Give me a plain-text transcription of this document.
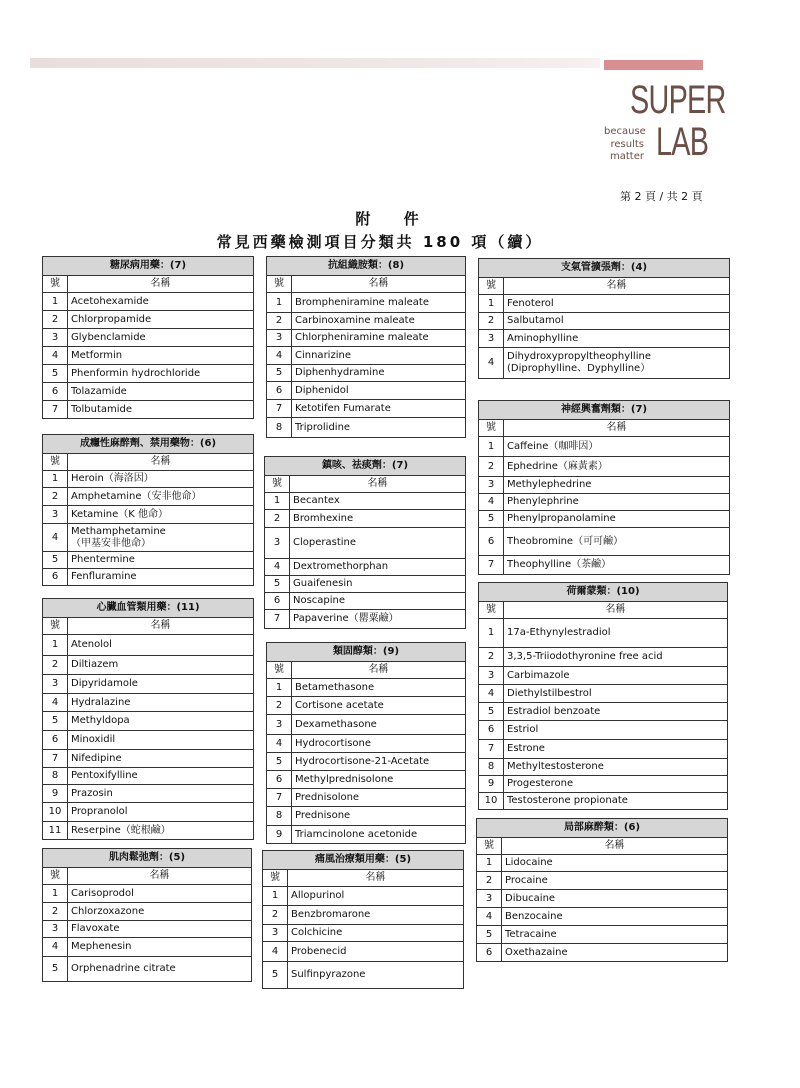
SUPER
LAB
because
results
matter
第 2 頁 / 共 2 頁
附 件
常見西藥檢測項目分類共 180 項（續）
糖尿病用藥：(7)	
號	名稱
1	Acetohexamide
2	Chlorpropamide
3	Glybenclamide
4	Metformin
5	Phenformin hydrochloride
6	Tolazamide
7	Tolbutamide
成癮性麻醉劑、禁用藥物：(6)	
號	名稱
1	Heroin（海洛因）
2	Amphetamine（安非他命）
3	Ketamine（K 他命）
4	Methamphetamine
（甲基安非他命）
5	Phentermine
6	Fenfluramine
心臟血管類用藥：(11)	
號	名稱
1	Atenolol
2	Diltiazem
3	Dipyridamole
4	Hydralazine
5	Methyldopa
6	Minoxidil
7	Nifedipine
8	Pentoxifylline
9	Prazosin
10	Propranolol
11	Reserpine（蛇根鹼）
肌肉鬆弛劑：(5)	
號	名稱
1	Carisoprodol
2	Chlorzoxazone
3	Flavoxate
4	Mephenesin
5	Orphenadrine citrate
抗組織胺類：(8)	
號	名稱
1	Brompheniramine maleate
2	Carbinoxamine maleate
3	Chlorpheniramine maleate
4	Cinnarizine
5	Diphenhydramine
6	Diphenidol
7	Ketotifen Fumarate
8	Triprolidine
鎮咳、祛痰劑：(7)	
號	名稱
1	Becantex
2	Bromhexine
3	Cloperastine
4	Dextromethorphan
5	Guaifenesin
6	Noscapine
7	Papaverine（罌粟鹼）
類固醇類：(9)	
號	名稱
1	Betamethasone
2	Cortisone acetate
3	Dexamethasone
4	Hydrocortisone
5	Hydrocortisone-21-Acetate
6	Methylprednisolone
7	Prednisolone
8	Prednisone
9	Triamcinolone acetonide
痛風治療類用藥：(5)	
號	名稱
1	Allopurinol
2	Benzbromarone
3	Colchicine
4	Probenecid
5	Sulfinpyrazone
支氣管擴張劑：(4)	
號	名稱
1	Fenoterol
2	Salbutamol
3	Aminophylline
4	Dihydroxypropyltheophylline
(Diprophylline、Dyphylline）
神經興奮劑類：(7)	
號	名稱
1	Caffeine（咖啡因）
2	Ephedrine（麻黃素）
3	Methylephedrine
4	Phenylephrine
5	Phenylpropanolamine
6	Theobromine（可可鹼）
7	Theophylline（茶鹼）
荷爾蒙類：(10)	
號	名稱
1	17a-Ethynylestradiol
2	3,3,5-Triiodothyronine free acid
3	Carbimazole
4	Diethylstilbestrol
5	Estradiol benzoate
6	Estriol
7	Estrone
8	Methyltestosterone
9	Progesterone
10	Testosterone propionate
局部麻醉類：(6)	
號	名稱
1	Lidocaine
2	Procaine
3	Dibucaine
4	Benzocaine
5	Tetracaine
6	Oxethazaine
